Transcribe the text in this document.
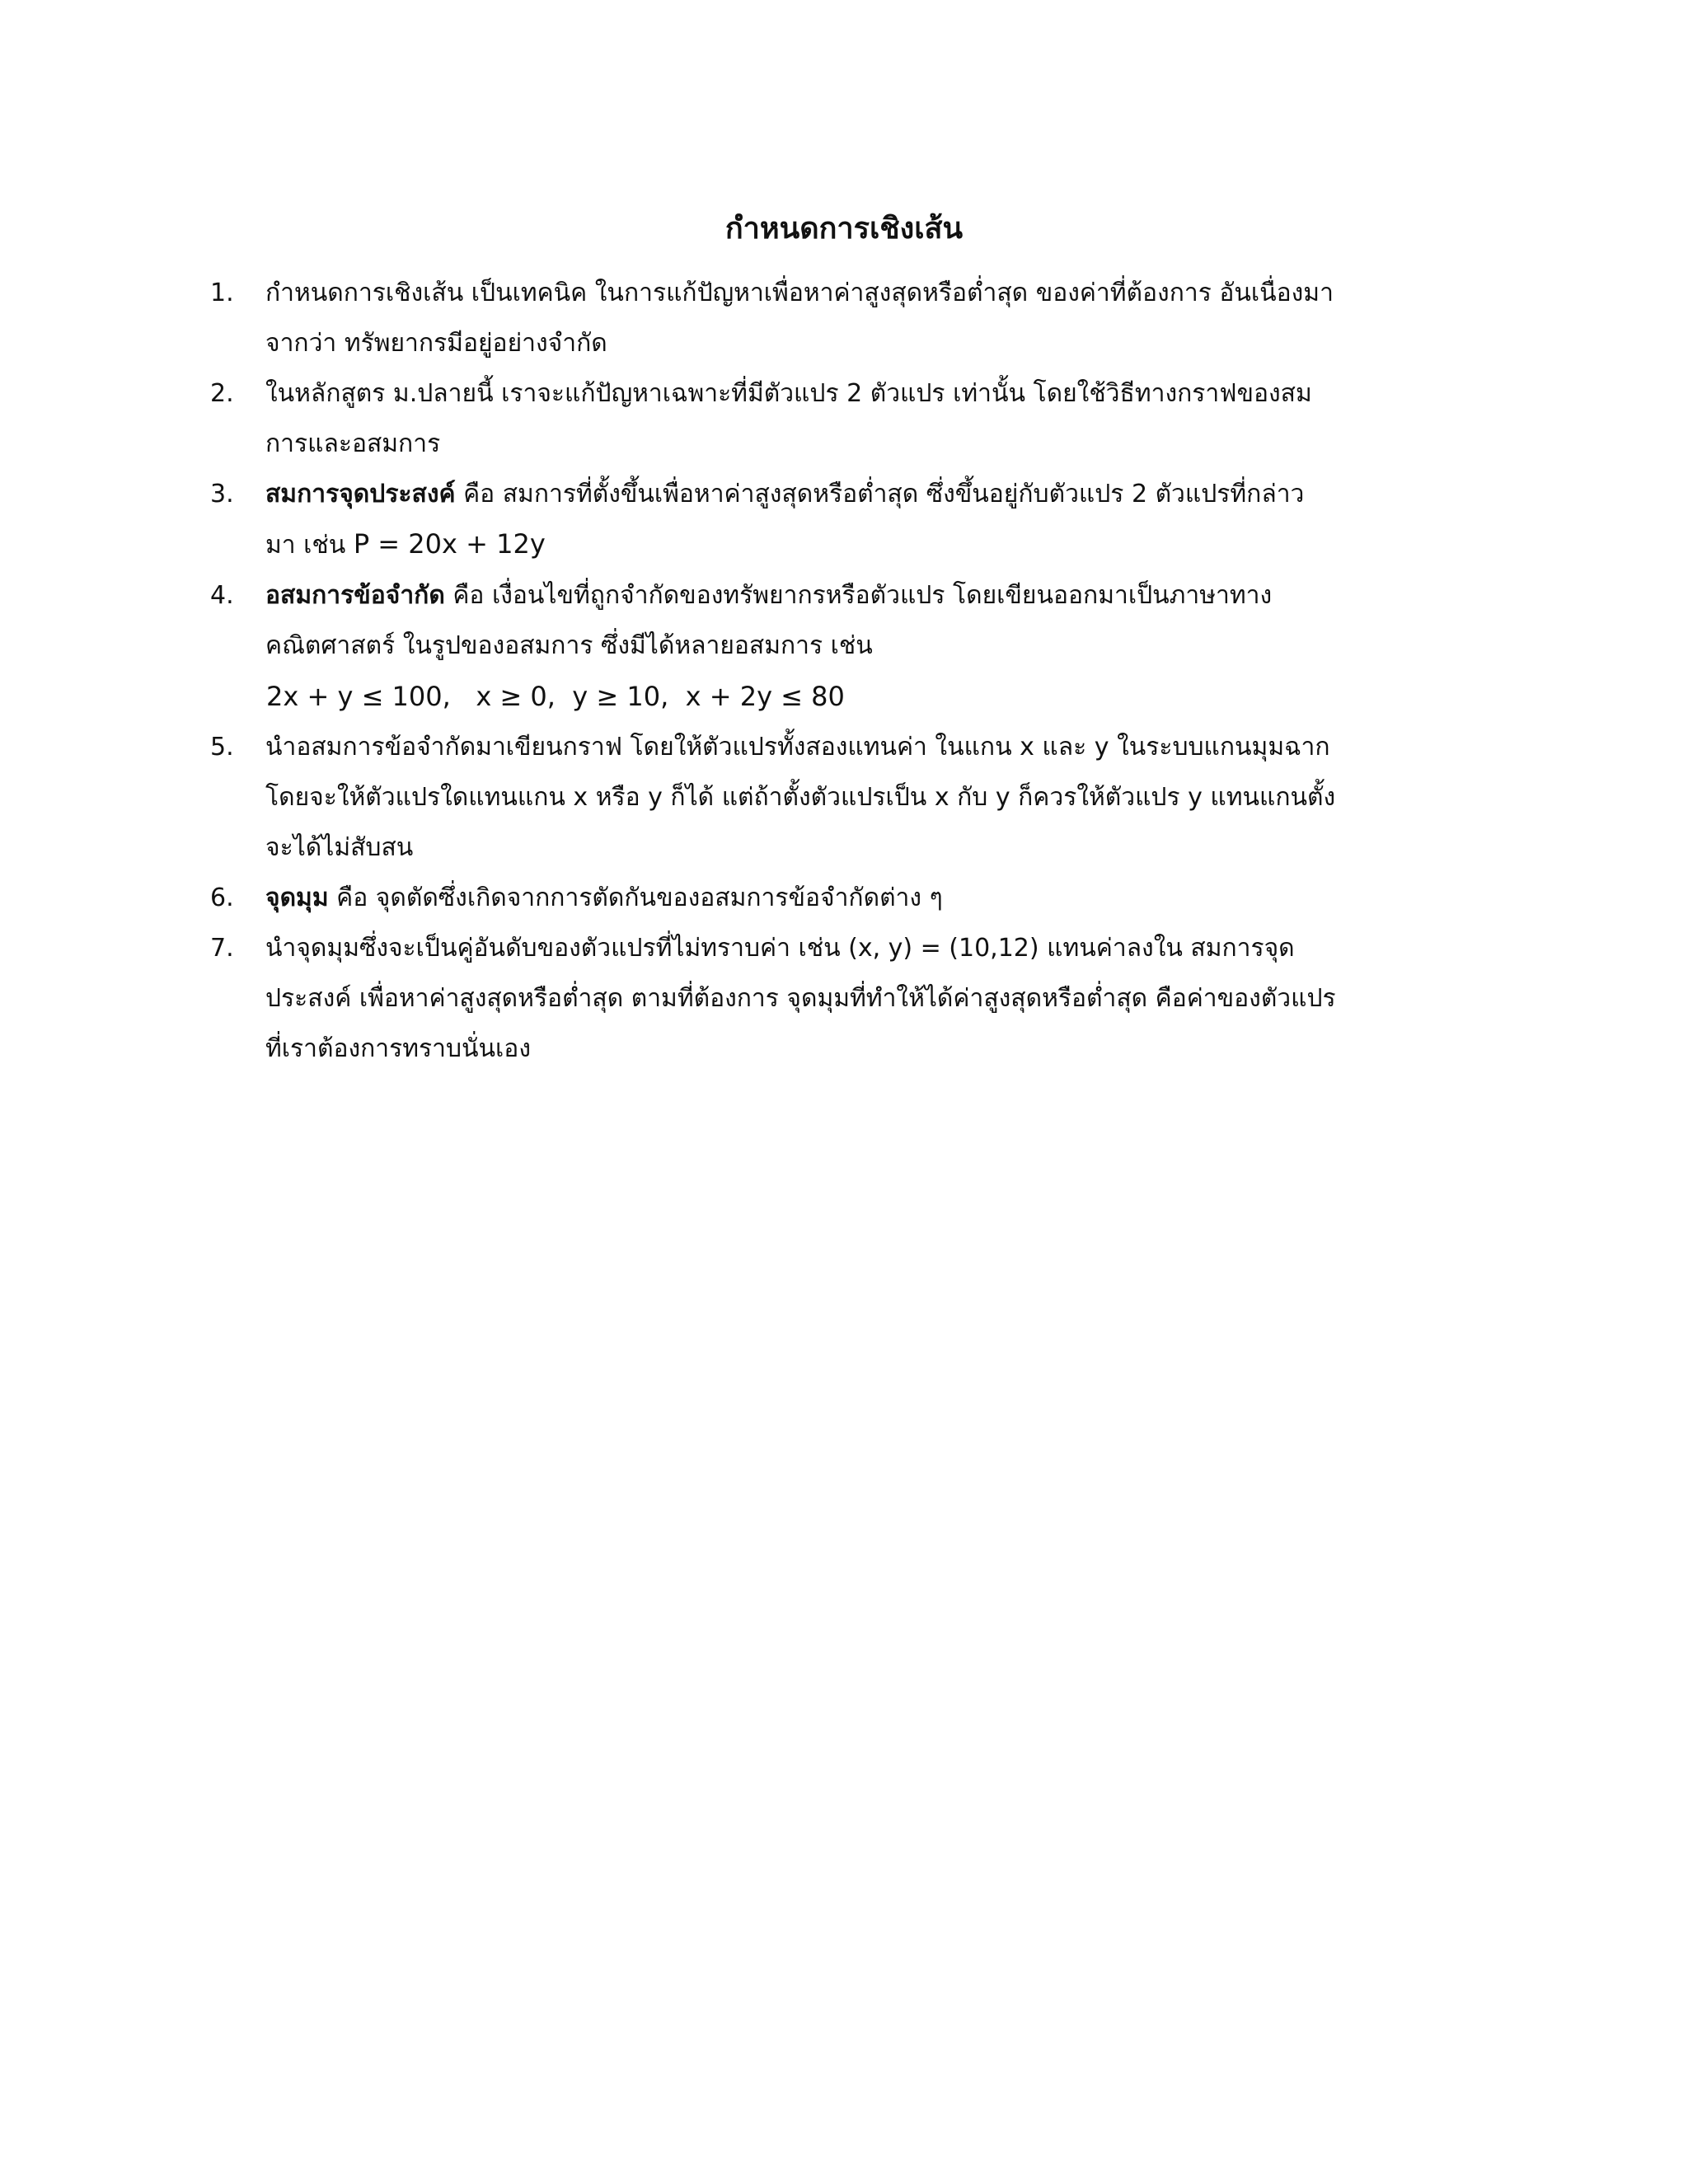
กำหนดการเชิงเส้น
1.	กำหนดการเชิงเส้น เป็นเทคนิค ในการแก้ปัญหาเพื่อหาค่าสูงสุดหรือต่ำสุด ของค่าที่ต้องการ อันเนื่องมา
จากว่า ทรัพยากรมีอยู่อย่างจำกัด
2.	ในหลักสูตร ม.ปลายนี้ เราจะแก้ปัญหาเฉพาะที่มีตัวแปร 2 ตัวแปร เท่านั้น โดยใช้วิธีทางกราฟของสม
การและอสมการ
3.	สมการจุดประสงค์ คือ สมการที่ตั้งขึ้นเพื่อหาค่าสูงสุดหรือต่ำสุด ซึ่งขึ้นอยู่กับตัวแปร 2 ตัวแปรที่กล่าว
มา เช่น P = 20x + 12y
4.	อสมการข้อจำกัด คือ เงื่อนไขที่ถูกจำกัดของทรัพยากรหรือตัวแปร โดยเขียนออกมาเป็นภาษาทาง
คณิตศาสตร์ ในรูปของอสมการ ซึ่งมีได้หลายอสมการ เช่น
2x + y ≤ 100,   x ≥ 0,  y ≥ 10,  x + 2y ≤ 80
5.	นำอสมการข้อจำกัดมาเขียนกราฟ โดยให้ตัวแปรทั้งสองแทนค่า ในแกน x และ y ในระบบแกนมุมฉาก
โดยจะให้ตัวแปรใดแทนแกน x หรือ y ก็ได้ แต่ถ้าตั้งตัวแปรเป็น x กับ y ก็ควรให้ตัวแปร y แทนแกนตั้ง
จะได้ไม่สับสน
6.	จุดมุม คือ จุดตัดซึ่งเกิดจากการตัดกันของอสมการข้อจำกัดต่าง ๆ
7.	นำจุดมุมซึ่งจะเป็นคู่อันดับของตัวแปรที่ไม่ทราบค่า เช่น (x, y) = (10,12) แทนค่าลงใน สมการจุด
ประสงค์ เพื่อหาค่าสูงสุดหรือต่ำสุด ตามที่ต้องการ จุดมุมที่ทำให้ได้ค่าสูงสุดหรือต่ำสุด คือค่าของตัวแปร
ที่เราต้องการทราบนั่นเอง
